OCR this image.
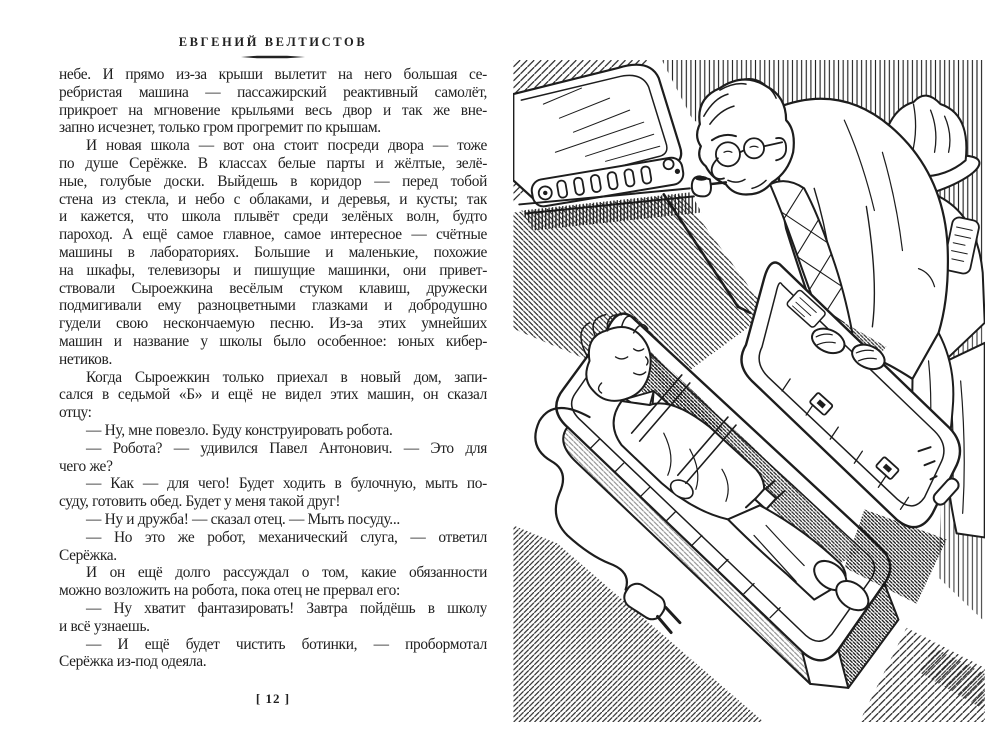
ЕВГЕНИЙ ВЕЛТИСТОВ
небе. И прямо из-за крыши вылетит на него большая се-
ребристая машина — пассажирский реактивный самолёт,
прикроет на мгновение крыльями весь двор и так же вне-
запно исчезнет, только гром прогремит по крышам.
И новая школа — вот она стоит посреди двора — тоже
по душе Серёжке. В классах белые парты и жёлтые, зелё-
ные, голубые доски. Выйдешь в коридор — перед тобой
стена из стекла, и небо с облаками, и деревья, и кусты; так
и кажется, что школа плывёт среди зелёных волн, будто
пароход. А ещё самое главное, самое интересное — счётные
машины в лабораториях. Большие и маленькие, похожие
на шкафы, телевизоры и пишущие машинки, они привет-
ствовали Сыроежкина весёлым стуком клавиш, дружески
подмигивали ему разноцветными глазками и добродушно
гудели свою нескончаемую песню. Из-за этих умнейших
машин и название у школы было особенное: юных кибер-
нетиков.
Когда Сыроежкин только приехал в новый дом, запи-
сался в седьмой «Б» и ещё не видел этих машин, он сказал
отцу:
— Ну, мне повезло. Буду конструировать робота.
— Робота? — удивился Павел Антонович. — Это для
чего же?
— Как — для чего! Будет ходить в булочную, мыть по-
суду, готовить обед. Будет у меня такой друг!
— Ну и дружба! — сказал отец. — Мыть посуду...
— Но это же робот, механический слуга, — ответил
Серёжка.
И он ещё долго рассуждал о том, какие обязанности
можно возложить на робота, пока отец не прервал его:
— Ну хватит фантазировать! Завтра пойдёшь в школу
и всё узнаешь.
— И ещё будет чистить ботинки, — пробормотал
Серёжка из-под одеяла.
[ 12 ]
